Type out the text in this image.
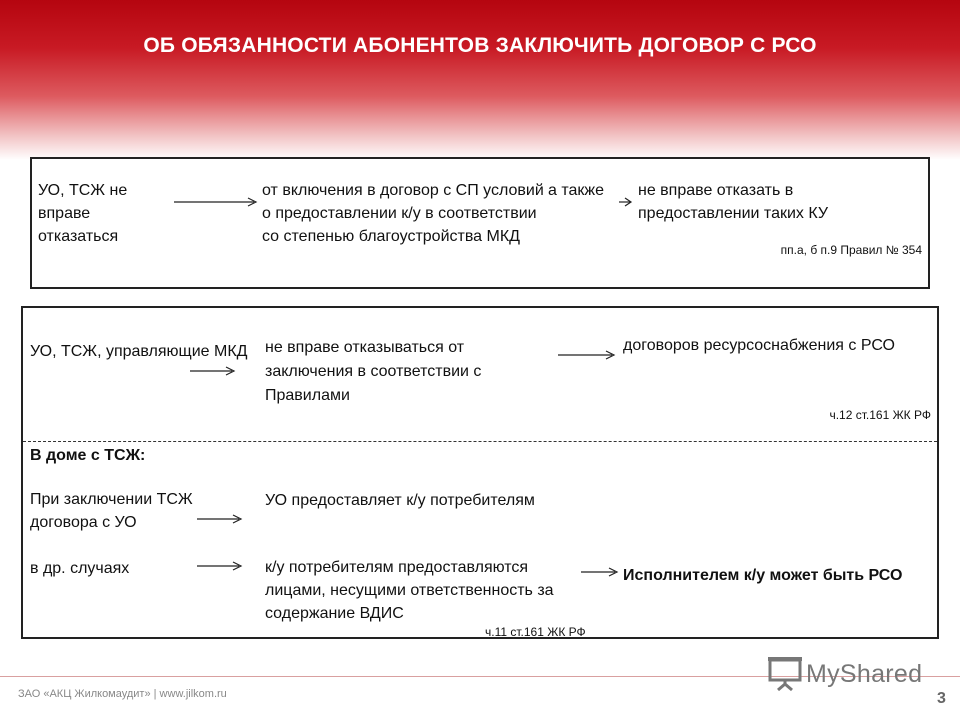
ОБ ОБЯЗАННОСТИ АБОНЕНТОВ ЗАКЛЮЧИТЬ ДОГОВОР С РСО
УО, ТСЖ не вправе отказаться
от включения в договор с СП условий о предоставлении к/у в соответствии со степенью благоустройства МКД
а также не вправе отказать в предоставлении таких КУ
пп.а, б п.9 Правил № 354
УО, ТСЖ, управляющие МКД не вправе отказываться от заключения в соответствии с Правилами
договоров ресурсоснабжения с РСО
ч.12 ст.161 ЖК РФ
В доме с ТСЖ:
При заключении ТСЖ договора с УО
УО предоставляет к/у потребителям
в др. случаях	к/у потребителям предоставляются лицами, несущими ответственность за содержание ВДИС
Исполнителем к/у может быть РСО
ч.11 ст.161 ЖК РФ
ЗАО «АКЦ Жилкомаудит» | www.jilkom.ru	3
MyShared
